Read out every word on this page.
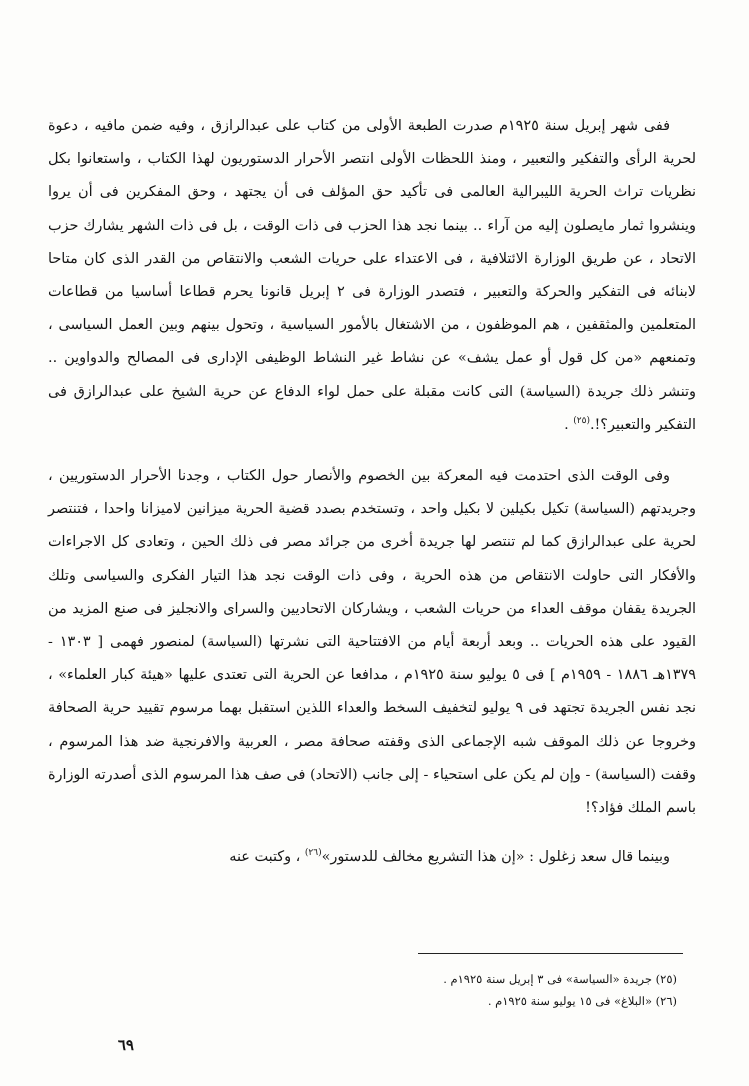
ففى شهر إبريل سنة ١٩٢٥م صدرت الطبعة الأولى من كتاب على عبدالرازق ، وفيه ضمن مافيه ، دعوة لحرية الرأى والتفكير والتعبير ، ومنذ اللحظات الأولى انتصر الأحرار الدستوريون لهذا الكتاب ، واستعانوا بكل نظريات تراث الحرية الليبرالية العالمى فى تأكيد حق المؤلف فى أن يجتهد ، وحق المفكرين فى أن يروا وينشروا ثمار مايصلون إليه من آراء .. بينما نجد هذا الحزب فى ذات الوقت ، بل فى ذات الشهر يشارك حزب الاتحاد ، عن طريق الوزارة الائتلافية ، فى الاعتداء على حريات الشعب والانتقاص من القدر الذى كان متاحا لابنائه فى التفكير والحركة والتعبير ، فتصدر الوزارة فى ٢ إبريل قانونا يحرم قطاعا أساسيا من قطاعات المتعلمين والمثقفين ، هم الموظفون ، من الاشتغال بالأمور السياسية ، وتحول بينهم وبين العمل السياسى ، وتمنعهم «من كل قول أو عمل يشف» عن نشاط غير النشاط الوظيفى الإدارى فى المصالح والدواوين .. وتنشر ذلك جريدة (السياسة) التى كانت مقبلة على حمل لواء الدفاع عن حرية الشيخ على عبدالرازق فى التفكير والتعبير؟!.$^{(٢٥)}$ .

وفى الوقت الذى احتدمت فيه المعركة بين الخصوم والأنصار حول الكتاب ، وجدنا الأحرار الدستوريين ، وجريدتهم (السياسة) تكيل بكيلين لا بكيل واحد ، وتستخدم بصدد قضية الحرية ميزانين لاميزانا واحدا ، فتنتصر لحرية على عبدالرازق كما لم تنتصر لها جريدة أخرى من جرائد مصر فى ذلك الحين ، وتعادى كل الاجراءات والأفكار التى حاولت الانتقاص من هذه الحرية ، وفى ذات الوقت نجد هذا التيار الفكرى والسياسى وتلك الجريدة يقفان موقف العداء من حريات الشعب ، ويشاركان الاتحاديين والسراى والانجليز فى صنع المزيد من القيود على هذه الحريات .. وبعد أربعة أيام من الافتتاحية التى نشرتها (السياسة) لمنصور فهمى [ ١٣٠٣ - ١٣٧٩هـ ١٨٨٦ - ١٩٥٩م ] فى ٥ يوليو سنة ١٩٢٥م ، مدافعا عن الحرية التى تعتدى عليها «هيئة كبار العلماء» ، نجد نفس الجريدة تجتهد فى ٩ يوليو لتخفيف السخط والعداء اللذين استقبل بهما مرسوم تقييد حرية الصحافة وخروجا عن ذلك الموقف شبه الإجماعى الذى وقفته صحافة مصر ، العربية والافرنجية ضد هذا المرسوم ، وقفت (السياسة) - وإن لم يكن على استحياء - إلى جانب (الاتحاد) فى صف هذا المرسوم الذى أصدرته الوزارة باسم الملك فؤاد؟!

وبينما قال سعد زغلول : «إن هذا التشريع مخالف للدستور»$^{(٢٦)}$ ، وكتبت عنه

(٢٥) جريدة «السياسة» فى ٣ إبريل سنة ١٩٢٥م .

(٢٦) «البلاغ» فى ١٥ يوليو سنة ١٩٢٥م .

٦٩
